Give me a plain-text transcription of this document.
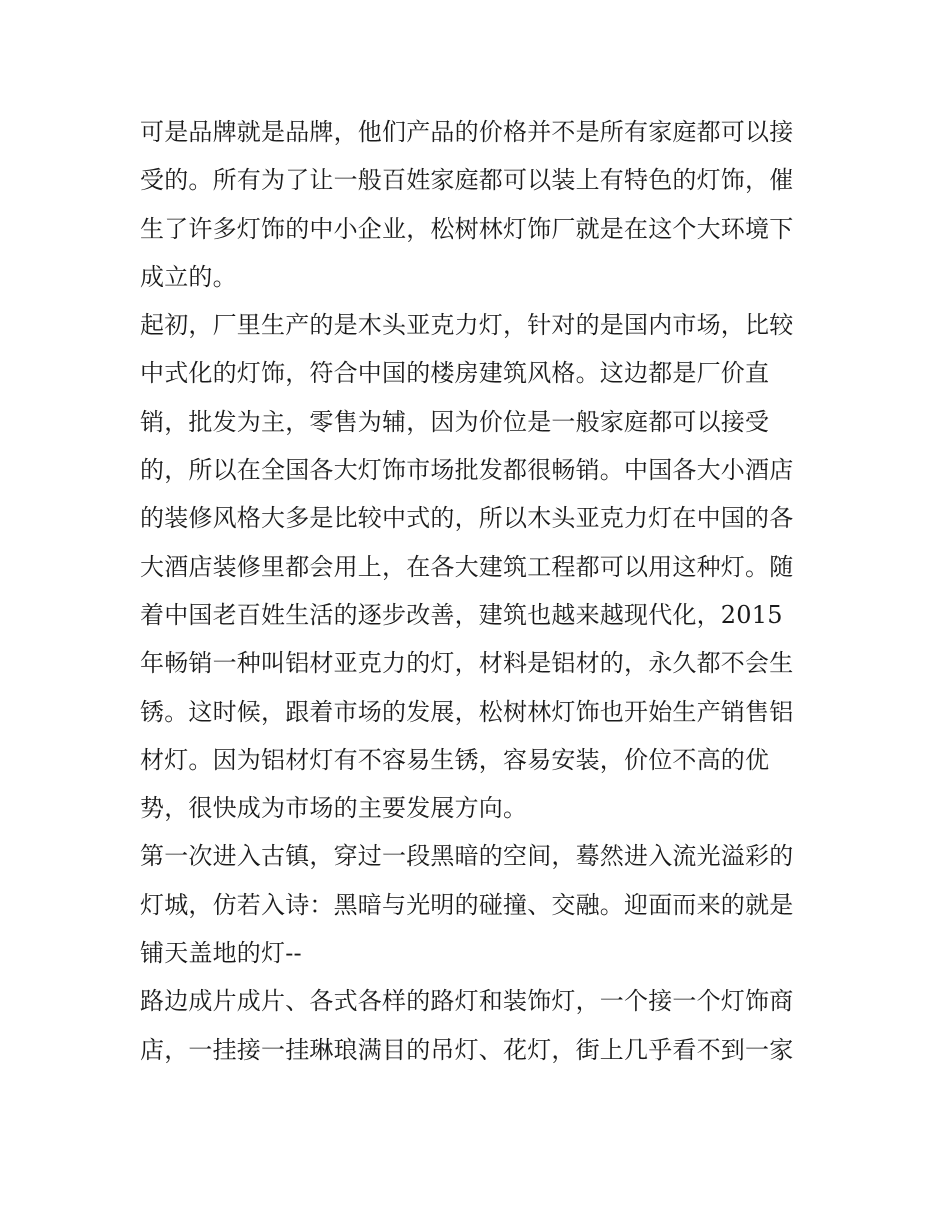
可是品牌就是品牌，他们产品的价格并不是所有家庭都可以接
受的。所有为了让一般百姓家庭都可以装上有特色的灯饰，催
生了许多灯饰的中小企业，松树林灯饰厂就是在这个大环境下
成立的。
起初，厂里生产的是木头亚克力灯，针对的是国内市场，比较
中式化的灯饰，符合中国的楼房建筑风格。这边都是厂价直
销，批发为主，零售为辅，因为价位是一般家庭都可以接受
的，所以在全国各大灯饰市场批发都很畅销。中国各大小酒店
的装修风格大多是比较中式的，所以木头亚克力灯在中国的各
大酒店装修里都会用上，在各大建筑工程都可以用这种灯。随
着中国老百姓生活的逐步改善，建筑也越来越现代化，2015
年畅销一种叫铝材亚克力的灯，材料是铝材的，永久都不会生
锈。这时候，跟着市场的发展，松树林灯饰也开始生产销售铝
材灯。因为铝材灯有不容易生锈，容易安装，价位不高的优
势，很快成为市场的主要发展方向。
第一次进入古镇，穿过一段黑暗的空间，蓦然进入流光溢彩的
灯城，仿若入诗：黑暗与光明的碰撞、交融。迎面而来的就是
铺天盖地的灯--
路边成片成片、各式各样的路灯和装饰灯，一个接一个灯饰商
店，一挂接一挂琳琅满目的吊灯、花灯，街上几乎看不到一家
